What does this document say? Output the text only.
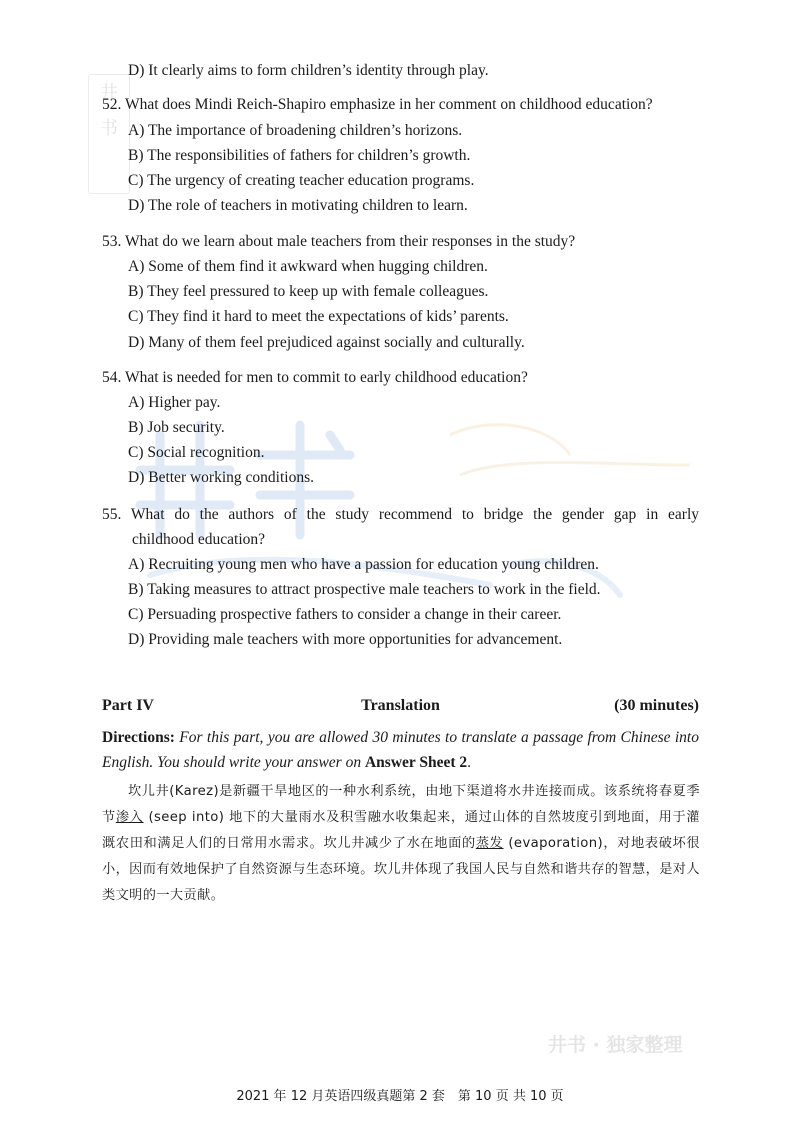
井
书
D) It clearly aims to form children’s identity through play.
52. What does Mindi Reich-Shapiro emphasize in her comment on childhood education?
A) The importance of broadening children’s horizons.
B) The responsibilities of fathers for children’s growth.
C) The urgency of creating teacher education programs.
D) The role of teachers in motivating children to learn.
53. What do we learn about male teachers from their responses in the study?
A) Some of them find it awkward when hugging children.
B) They feel pressured to keep up with female colleagues.
C) They find it hard to meet the expectations of kids’ parents.
D) Many of them feel prejudiced against socially and culturally.
54. What is needed for men to commit to early childhood education?
A) Higher pay.
B) Job security.
C) Social recognition.
D) Better working conditions.
55. What do the authors of the study recommend to bridge the gender gap in early
childhood education?
A) Recruiting young men who have a passion for education young children.
B) Taking measures to attract prospective male teachers to work in the field.
C) Persuading prospective fathers to consider a change in their career.
D) Providing male teachers with more opportunities for advancement.
Part IV	Translation	(30 minutes)
Directions: For this part, you are allowed 30 minutes to translate a passage from Chinese into English. You should write your answer on Answer Sheet 2.
坎儿井(Karez)是新疆干旱地区的一种水利系统，由地下渠道将水井连接而成。该系统将春夏季节渗入 (seep into) 地下的大量雨水及积雪融水收集起来，通过山体的自然坡度引到地面，用于灌溉农田和满足人们的日常用水需求。坎儿井减少了水在地面的蒸发 (evaporation)，对地表破坏很小，因而有效地保护了自然资源与生态环境。坎儿井体现了我国人民与自然和谐共存的智慧，是对人类文明的一大贡献。
井书 · 独家整理
2021 年 12 月英语四级真题第 2 套　第 10 页 共 10 页
